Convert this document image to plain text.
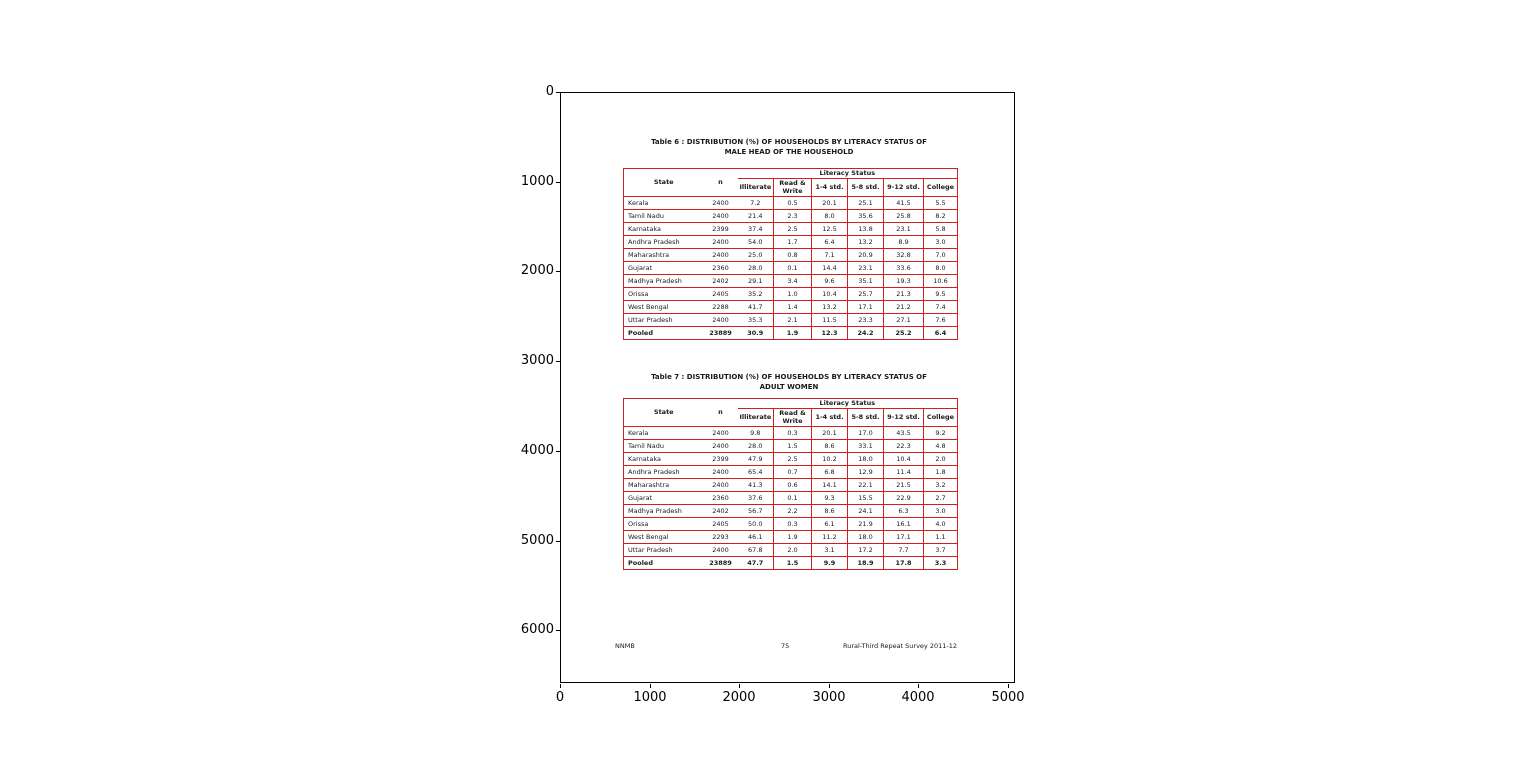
0
1000
2000
3000
4000
5000
6000
0	1000	2000	3000	4000	5000
Table 6 : DISTRIBUTION (%) OF HOUSEHOLDS BY LITERACY STATUS OF
MALE HEAD OF THE HOUSEHOLD
State	n	Literacy Status					
		Illiterate	Read & Write	1-4 std.	5-8 std.	9-12 std.	College
Kerala	2400	7.2	0.5	20.1	25.1	41.5	5.5
Tamil Nadu	2400	21.4	2.3	8.0	35.6	25.8	8.2
Karnataka	2399	37.4	2.5	12.5	13.8	23.1	5.8
Andhra Pradesh	2400	54.0	1.7	6.4	13.2	8.9	3.0
Maharashtra	2400	25.0	0.8	7.1	20.9	32.8	7.0
Gujarat	2360	28.0	0.1	14.4	23.1	33.6	8.0
Madhya Pradesh	2402	29.1	3.4	9.6	35.1	19.3	10.6
Orissa	2405	35.2	1.0	10.4	25.7	21.3	9.5
West Bengal	2288	41.7	1.4	13.2	17.1	21.2	7.4
Uttar Pradesh	2400	35.3	2.1	11.5	23.3	27.1	7.6
Pooled	23889	30.9	1.9	12.3	24.2	25.2	6.4
Table 7 : DISTRIBUTION (%) OF HOUSEHOLDS BY LITERACY STATUS OF
ADULT WOMEN
State	n	Literacy Status					
		Illiterate	Read & Write	1-4 std.	5-8 std.	9-12 std.	College
Kerala	2400	9.8	0.3	20.1	17.0	43.5	9.2
Tamil Nadu	2400	28.0	1.5	8.6	33.1	22.3	4.8
Karnataka	2399	47.9	2.5	10.2	18.0	10.4	2.0
Andhra Pradesh	2400	65.4	0.7	6.8	12.9	11.4	1.8
Maharashtra	2400	41.3	0.6	14.1	22.1	21.5	3.2
Gujarat	2360	37.6	0.1	9.3	15.5	22.9	2.7
Madhya Pradesh	2402	56.7	2.2	8.6	24.1	6.3	3.0
Orissa	2405	50.0	0.3	6.1	21.9	16.1	4.0
West Bengal	2293	46.1	1.9	11.2	18.0	17.1	1.1
Uttar Pradesh	2400	67.8	2.0	3.1	17.2	7.7	3.7
Pooled	23889	47.7	1.5	9.9	18.9	17.8	3.3
NNMB	75	Rural-Third Repeat Survey 2011-12
